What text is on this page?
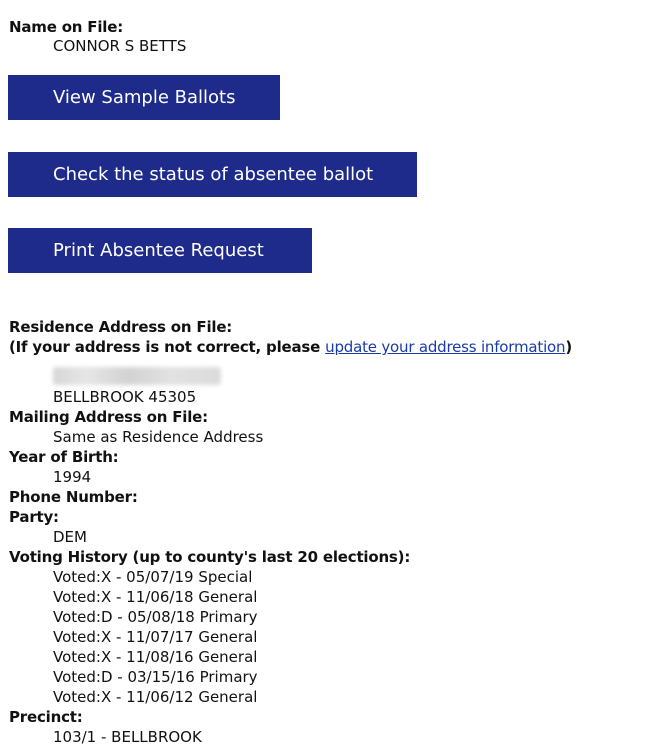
Name on File:
CONNOR S BETTS
View Sample Ballots
Check the status of absentee ballot
Print Absentee Request
Residence Address on File:
(If your address is not correct, please update your address information)
BELLBROOK 45305
Mailing Address on File:
Same as Residence Address
Year of Birth:
1994
Phone Number:
Party:
DEM
Voting History (up to county's last 20 elections):
Voted:X - 05/07/19 Special
Voted:X - 11/06/18 General
Voted:D - 05/08/18 Primary
Voted:X - 11/07/17 General
Voted:X - 11/08/16 General
Voted:D - 03/15/16 Primary
Voted:X - 11/06/12 General
Precinct:
103/1 - BELLBROOK
